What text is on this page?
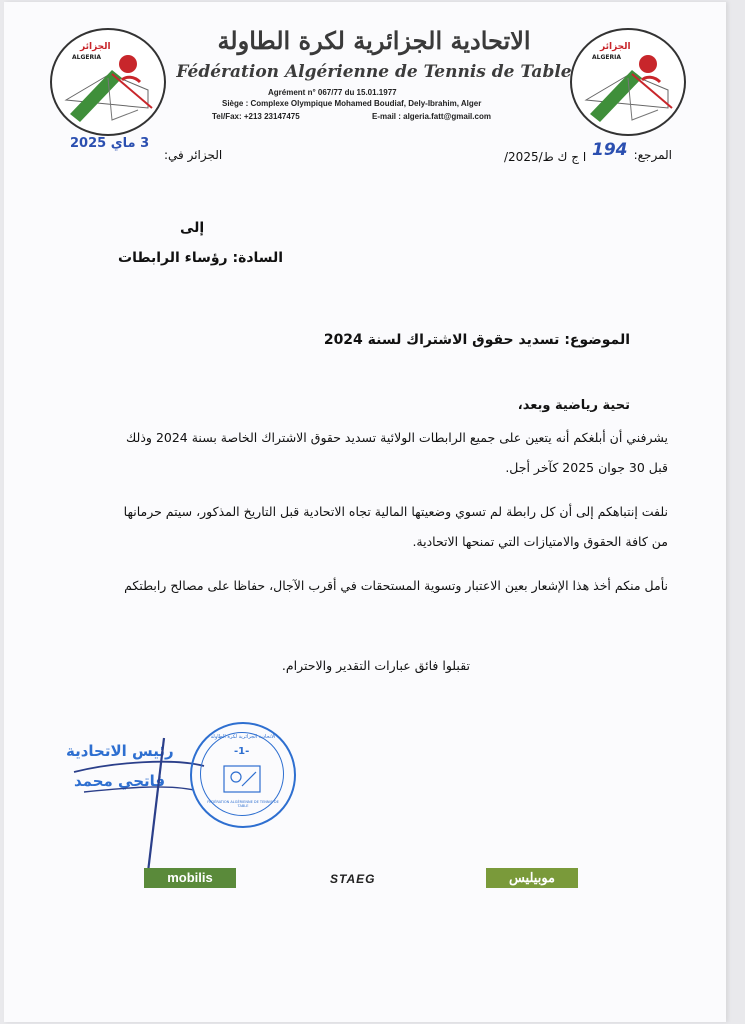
الجزائر
ALGERIA
الجزائر
ALGERIA
الاتحادية الجزائرية لكرة الطاولة
Fédération Algérienne de Tennis de Table
Agrément n° 067/77 du 15.01.1977
Siège : Complexe Olympique Mohamed Boudiaf, Dely-Ibrahim, Alger
Tel/Fax: +213 23147475	E-mail : algeria.fatt@gmail.com
المرجع:
194
/ا ج ك ط/2025
3 ماي 2025
الجزائر في:
إلى
السادة: رؤساء الرابطات
الموضوع: تسديد حقوق الاشتراك لسنة 2024
تحية رياضية وبعد،
يشرفني أن أبلغكم أنه يتعين على جميع الرابطات الولائية تسديد حقوق الاشتراك الخاصة بسنة 2024 وذلك
قبل 30 جوان 2025 كآخر أجل.
نلفت إنتباهكم إلى أن كل رابطة لم تسوي وضعيتها المالية تجاه الاتحادية قبل التاريخ المذكور، سيتم حرمانها
من كافة الحقوق والامتيازات التي تمنحها الاتحادية.
نأمل منكم أخذ هذا الإشعار بعين الاعتبار وتسوية المستحقات في أقرب الآجال، حفاظا على مصالح رابطتكم
تقبلوا فائق عبارات التقدير والاحترام.
رئيس الاتحادية
فاتحي محمد
-1-
الاتحادية الجزائرية لكرة الطاولة
FÉDÉRATION ALGÉRIENNE DE TENNIS DE TABLE
mobilis	STAEG	موبيليس
